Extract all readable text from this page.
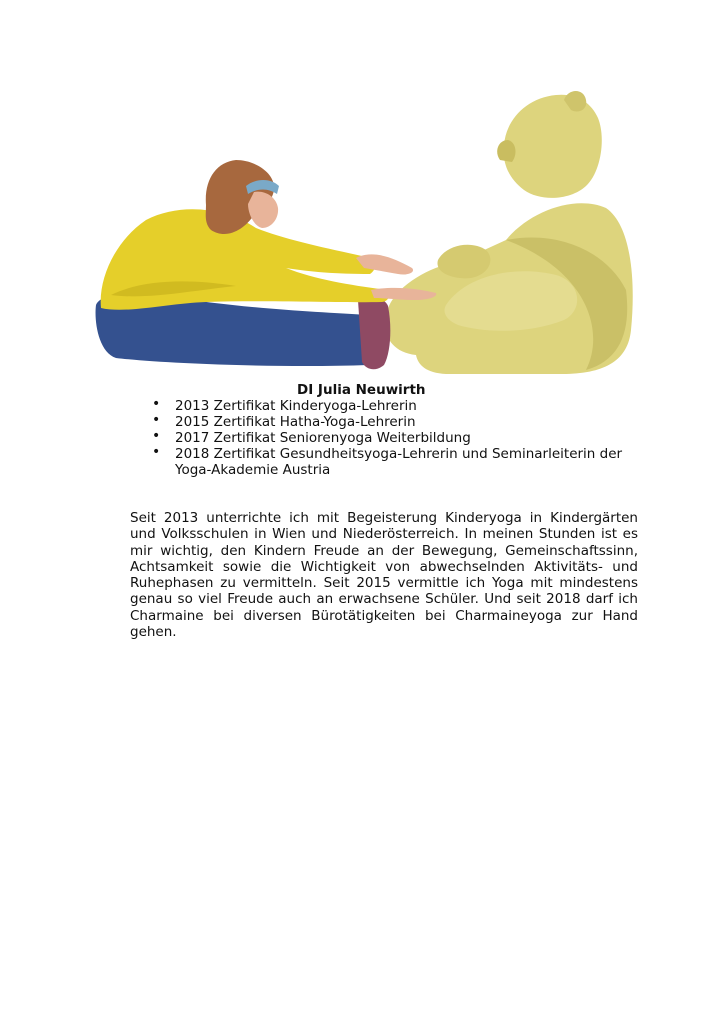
DI Julia Neuwirth
• 2013 Zertifikat Kinderyoga-Lehrerin
• 2015 Zertifikat Hatha-Yoga-Lehrerin
• 2017 Zertifikat Seniorenyoga Weiterbildung
• 2018 Zertifikat Gesundheitsyoga-Lehrerin und Seminarleiterin der Yoga-Akademie Austria

Seit 2013 unterrichte ich mit Begeisterung Kinderyoga in Kindergärten und Volksschulen in Wien und Niederösterreich. In meinen Stunden ist es mir wichtig, den Kindern Freude an der Bewegung, Gemeinschaftssinn, Achtsamkeit sowie die Wichtigkeit von abwechselnden Aktivitäts- und Ruhephasen zu vermitteln. Seit 2015 vermittle ich Yoga mit mindestens genau so viel Freude auch an erwachsene Schüler. Und seit 2018 darf ich Charmaine bei diversen Bürotätigkeiten bei Charmaineyoga zur Hand gehen.
